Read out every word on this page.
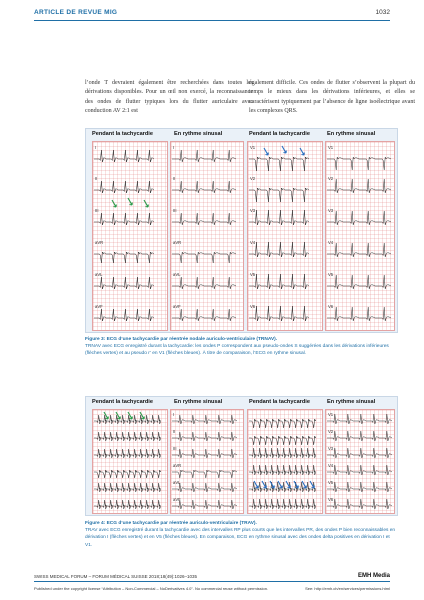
ARTICLE DE REVUE MIG	1032

l’onde T devraient également être recherchées dans toutes les dérivations disponibles. Pour un œil non exercé, la reconnaissance des ondes de flutter typiques lors du flutter auriculaire avec conduction AV 2:1 est

également difficile. Ces ondes de flutter s’observent la plupart du temps le mieux dans les dérivations inférieures, et elles se caractérisent typiquement par l’absence de ligne isoélectrique avant les complexes QRS.

Pendant la tachycardie	En rythme sinusal	Pendant la tachycardie	En rythme sinusal
I
II
III
aVR
aVL
aVF
I
II
III
aVR
aVL
aVF
V1
V2
V3
V4
V5
V6
V1
V2
V3
V4
V5
V6
Figure 3: ECG d’une tachycardie par réentrée nodale auriculo-ventriculaire (TRNAV).
TRNAV avec ECG enregistré durant la tachycardie: les ondes P correspondent aux pseudo-ondes S suggérées dans les dérivations inférieures (flèches vertes) et au pseudo r’ en V1 (flèches bleues). À titre de comparaison, l’ECG en rythme sinusal.
Pendant la tachycardie	En rythme sinusal	Pendant la tachycardie	En rythme sinusal
I
II
III
aVR
aVL
aVF
V1
V2
V3
V4
V5
V6
Figure 4: ECG d’une tachycardie par réentrée auriculo-ventriculaire (TRAV).
TRAV avec ECG enregistré durant la tachycardie avec des intervalles RP plus courts que les intervalles PR, des ondes P bien reconnaissables en dérivation I (flèches vertes) et en V5 (flèches bleues). En comparaison, ECG en rythme sinusal avec des ondes delta positives en dérivation I et V1.
SWISS MEDICAL FORUM – FORUM MÉDICAL SUISSE 2018;18(49):1026–1035	EMH Media
Published under the copyright license “Attribution – Non-Commercial – NoDerivatives 4.0”. No commercial reuse without permission.	See: http://emh.ch/en/services/permissions.html
